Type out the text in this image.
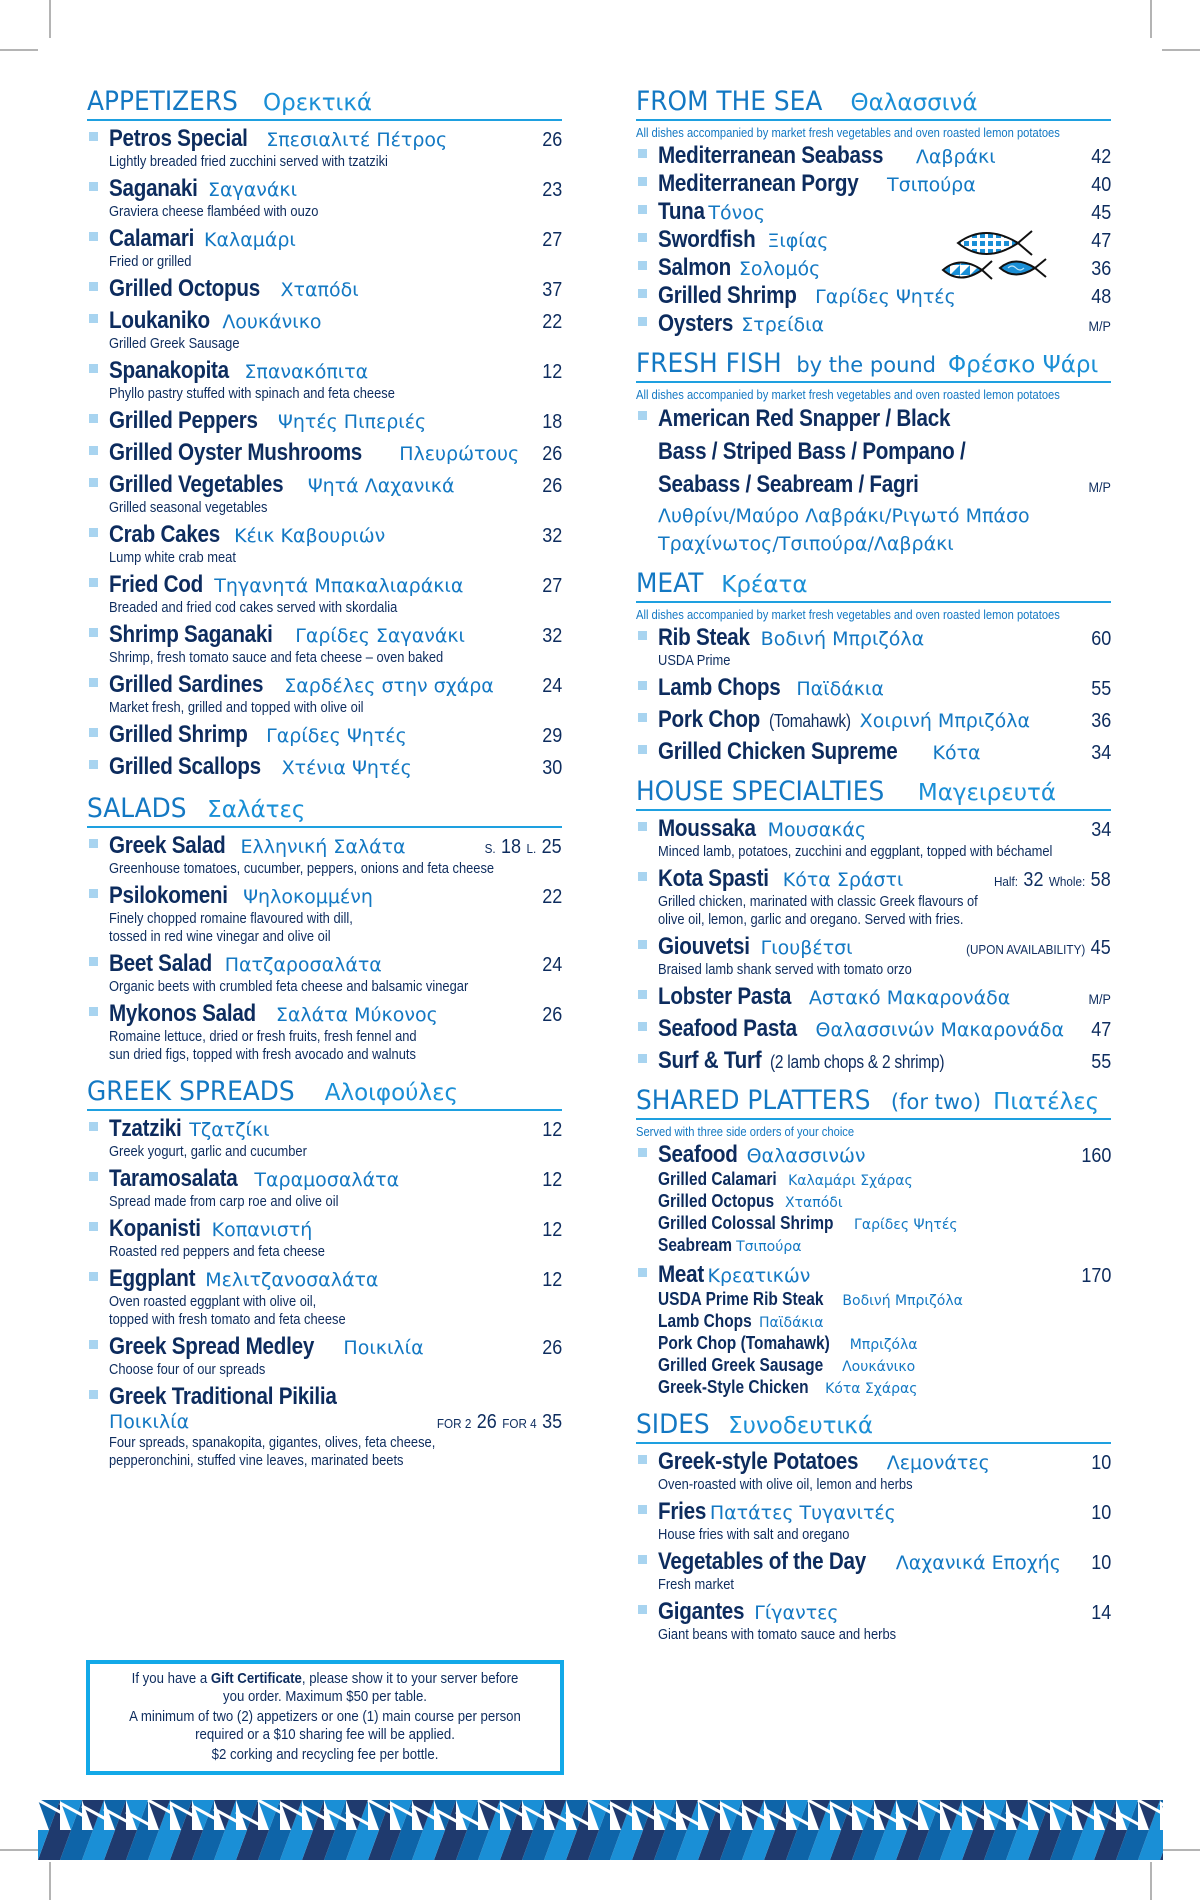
APPETIZERS Ορεκτικά
Petros Special Σπεσιαλιτέ Πέτρος	26
Lightly breaded fried zucchini served with tzatziki
Saganaki Σαγανάκι	23
Graviera cheese flambéed with ouzo
Calamari Καλαμάρι	27
Fried or grilled
Grilled Octopus Χταπόδι	37
Loukaniko Λουκάνικο	22
Grilled Greek Sausage
Spanakopita Σπανακόπιτα	12
Phyllo pastry stuffed with spinach and feta cheese
Grilled Peppers Ψητές Πιπεριές	18
Grilled Oyster Mushrooms Πλευρώτους 26
Grilled Vegetables Ψητά Λαχανικά	26
Grilled seasonal vegetables
Crab Cakes Κέικ Καβουριών	32
Lump white crab meat
Fried Cod Τηγανητά Μπακαλιαράκια	27
Breaded and fried cod cakes served with skordalia
Shrimp Saganaki Γαρίδες Σαγανάκι	32
Shrimp, fresh tomato sauce and feta cheese – oven baked
Grilled Sardines Σαρδέλες στην σχάρα 24
Market fresh, grilled and topped with olive oil
Grilled Shrimp Γαρίδες Ψητές	29
Grilled Scallops Χτένια Ψητές	30
SALADS Σαλάτες
Greek Salad Ελληνική Σαλάτα	S. 18 L. 25
Greenhouse tomatoes, cucumber, peppers, onions and feta cheese
Psilokomeni Ψηλοκομμένη	22
Finely chopped romaine flavoured with dill,
tossed in red wine vinegar and olive oil
Beet Salad Πατζαροσαλάτα	24
Organic beets with crumbled feta cheese and balsamic vinegar
Mykonos Salad Σαλάτα Μύκονος	26
Romaine lettuce, dried or fresh fruits, fresh fennel and
sun dried figs, topped with fresh avocado and walnuts
GREEK SPREADS Αλοιφούλες
Tzatziki Τζατζίκι	12
Greek yogurt, garlic and cucumber
Taramosalata Ταραμοσαλάτα	12
Spread made from carp roe and olive oil
Kopanisti Κοπανιστή	12
Roasted red peppers and feta cheese
Eggplant Μελιτζανοσαλάτα	12
Oven roasted eggplant with olive oil,
topped with fresh tomato and feta cheese
Greek Spread Medley Ποικιλία	26
Choose four of our spreads
Greek Traditional Pikilia
Ποικιλία	FOR 2 26 FOR 4 35
Four spreads, spanakopita, gigantes, olives, feta cheese,
pepperonchini, stuffed vine leaves, marinated beets

If you have a Gift Certificate, please show it to your server before

you order. Maximum $50 per table.

A minimum of two (2) appetizers or one (1) main course per person

required or a $10 sharing fee will be applied.

$2 corking and recycling fee per bottle.

FROM THE SEA Θαλασσινά
All dishes accompanied by market fresh vegetables and oven roasted lemon potatoes
Mediterranean Seabass Λαβράκι	42
Mediterranean Porgy Τσιπούρα	40
Tuna Τόνος	45
Swordfish Ξιφίας	47
Salmon Σολομός	36
Grilled Shrimp Γαρίδες Ψητές	48
Oysters Στρείδια	M/P
FRESH FISH by the pound Φρέσκο Ψάρι
All dishes accompanied by market fresh vegetables and oven roasted lemon potatoes
American Red Snapper / Black
Bass / Striped Bass / Pompano /

Seabass / Seabream / Fagri	M/P
Λυθρίνι/Μαύρο Λαβράκι/Ριγωτό Μπάσο
Τραχίνωτος/Τσιπούρα/Λαβράκι
MEAT Κρέατα
All dishes accompanied by market fresh vegetables and oven roasted lemon potatoes
Rib Steak Βοδινή Μπριζόλα	60
USDA Prime
Lamb Chops Παϊδάκια	55
Pork Chop (Tomahawk) Χοιρινή Μπριζόλα	36
Grilled Chicken Supreme Κότα	34
HOUSE SPECIALTIES Μαγειρευτά
Moussaka Μουσακάς	34
Minced lamb, potatoes, zucchini and eggplant, topped with béchamel
Kota Spasti Κότα Σράστι	Half: 32 Whole: 58
Grilled chicken, marinated with classic Greek flavours of
olive oil, lemon, garlic and oregano. Served with fries.
Giouvetsi Γιουβέτσι	(UPON AVAILABILITY) 45
Braised lamb shank served with tomato orzo
Lobster Pasta Αστακό Μακαρονάδα	M/P
Seafood Pasta Θαλασσινών Μακαρονάδα 47
Surf & Turf (2 lamb chops & 2 shrimp)	55
SHARED PLATTERS (for two) Πιατέλες
Served with three side orders of your choice
Seafood Θαλασσινών	160
Grilled Calamari Καλαμάρι Σχάρας
Grilled Octopus Χταπόδι
Grilled Colossal Shrimp Γαρίδες Ψητές
Seabream Τσιπούρα
Meat Κρεατικών	170
USDA Prime Rib Steak Βοδινή Μπριζόλα
Lamb Chops Παϊδάκια
Pork Chop (Tomahawk) Μπριζόλα
Grilled Greek Sausage Λουκάνικο
Greek-Style Chicken Κότα Σχάρας
SIDES Συνοδευτικά
Greek-style Potatoes Λεμονάτες	10
Oven-roasted with olive oil, lemon and herbs
Fries Πατάτες Τυγανιτές	10
House fries with salt and oregano
Vegetables of the Day Λαχανικά Εποχής 10
Fresh market
Gigantes Γίγαντες	14
Giant beans with tomato sauce and herbs
